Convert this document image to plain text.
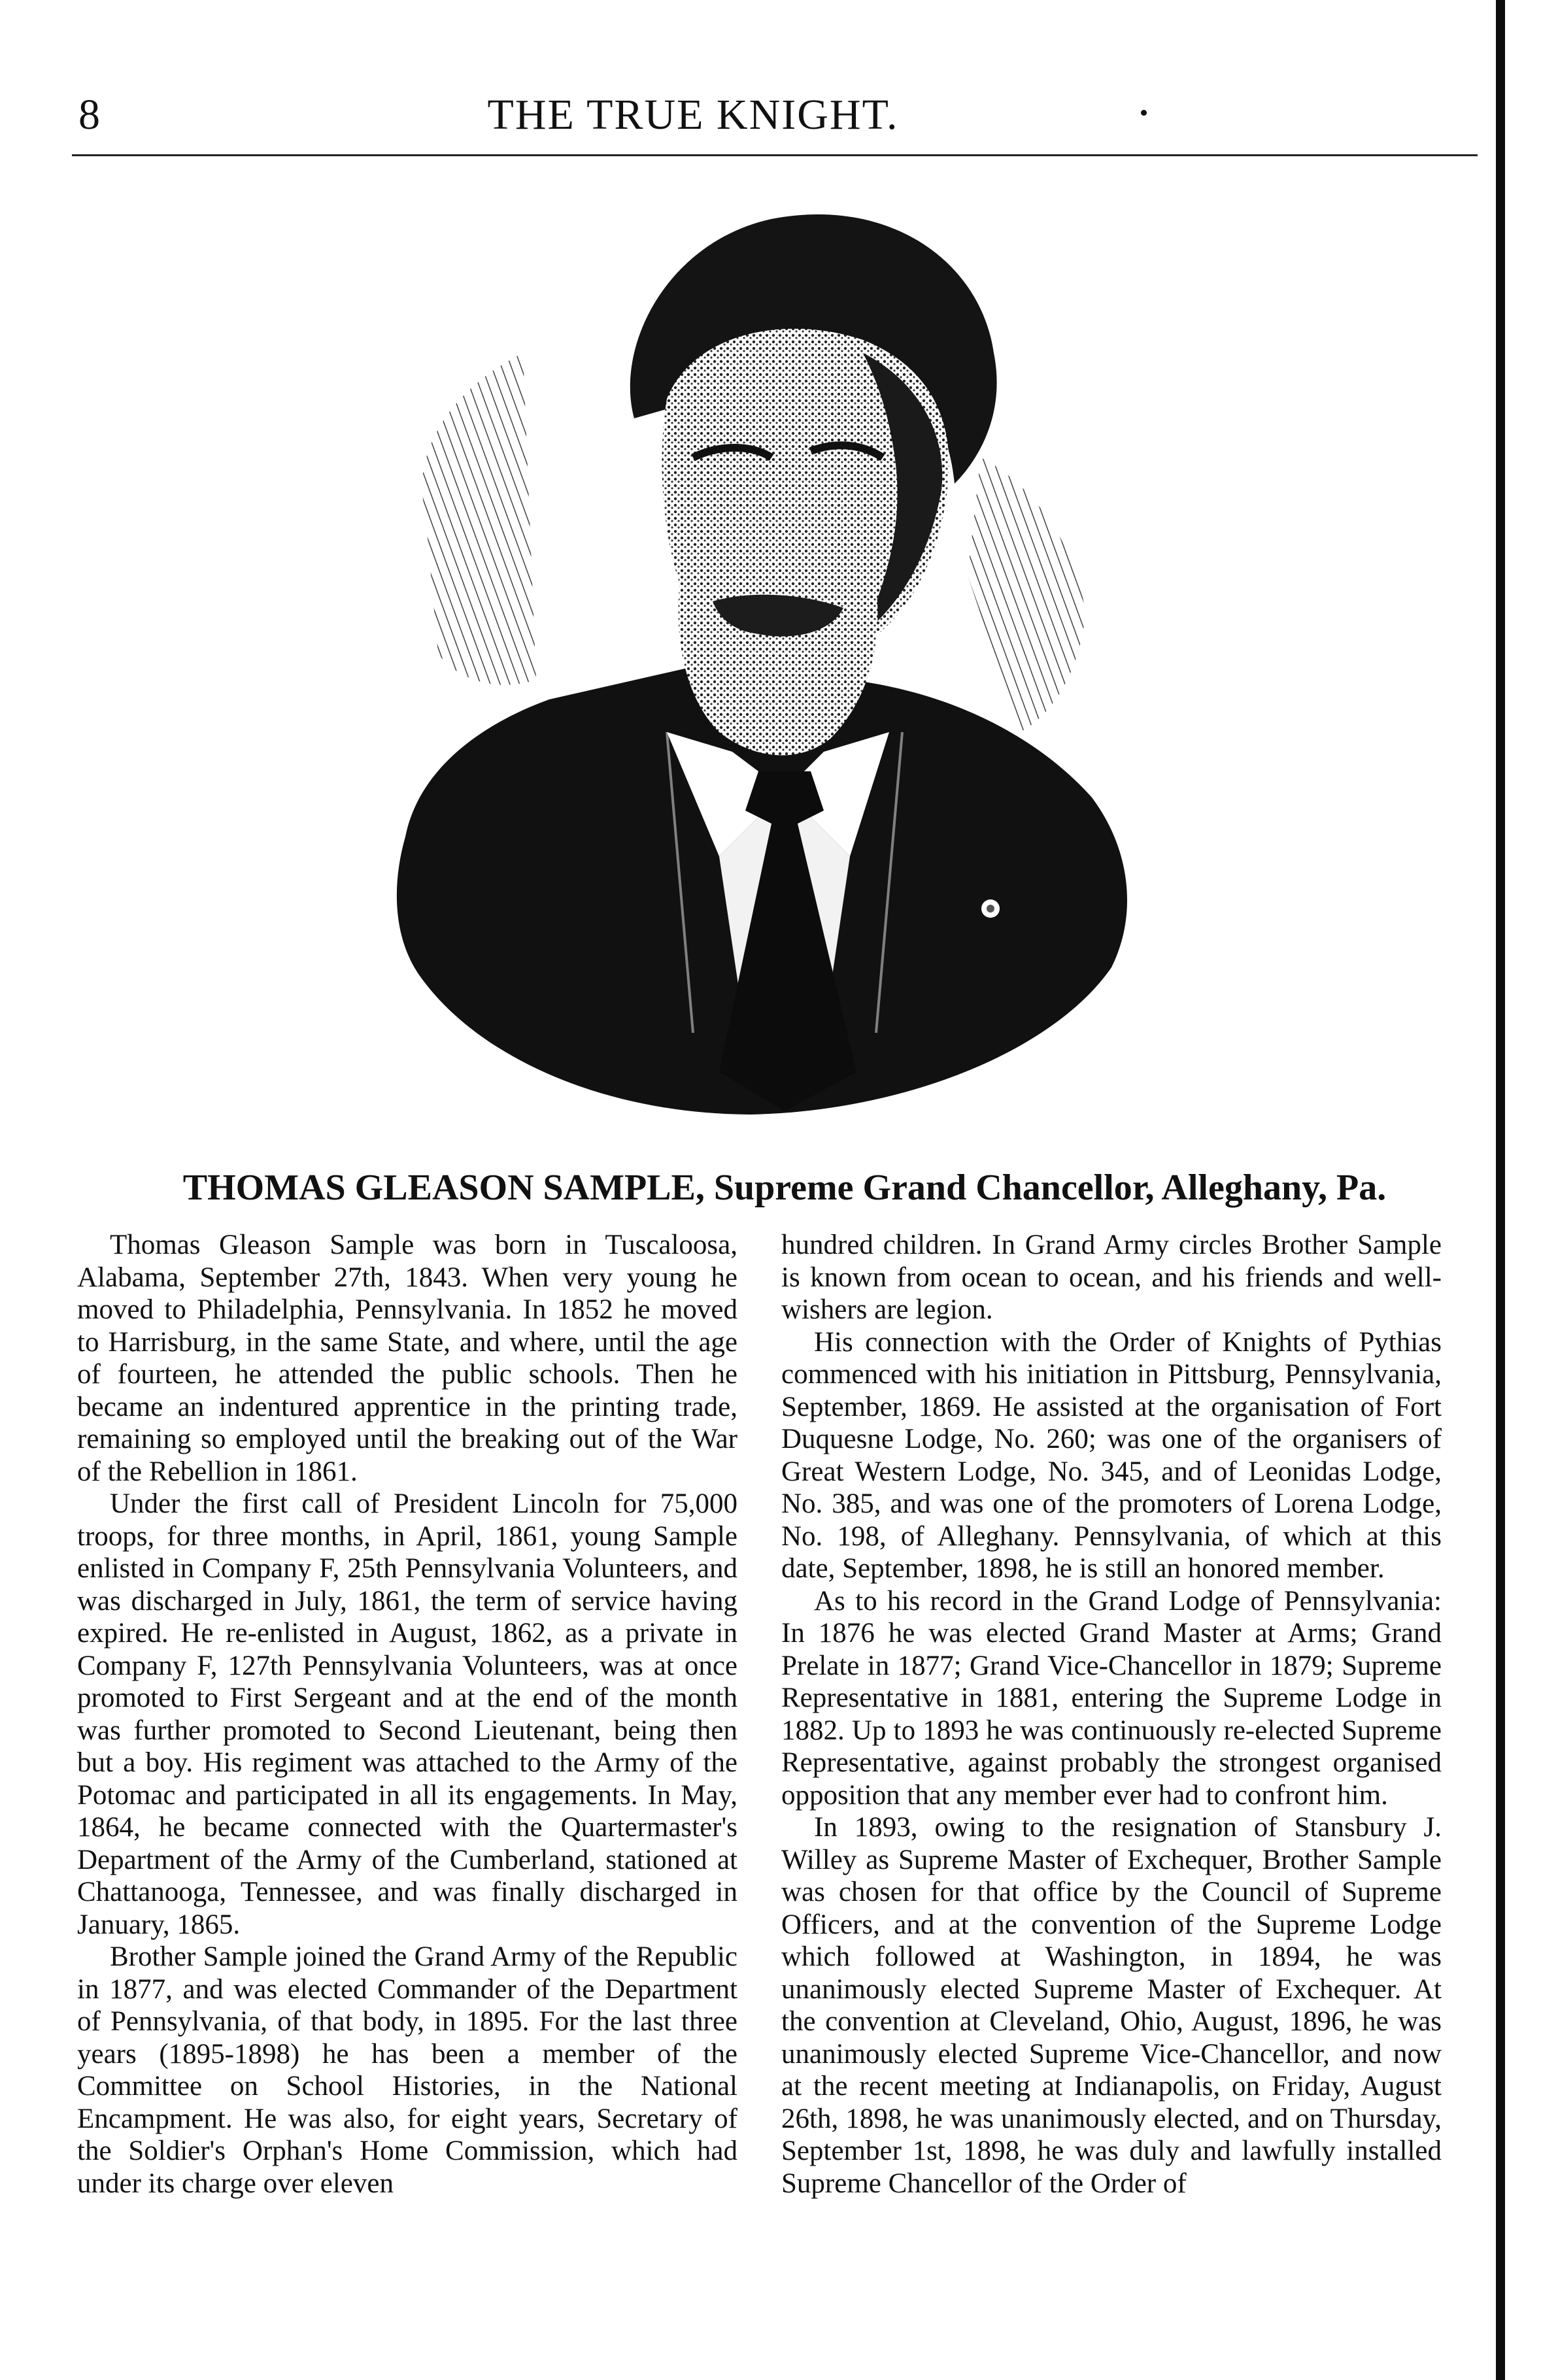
8	THE TRUE KNIGHT.
THOMAS GLEASON SAMPLE, Supreme Grand Chancellor, Alleghany, Pa.

Thomas Gleason Sample was born in Tuscaloosa, Alabama, September 27th, 1843. When very young he moved to Philadelphia, Pennsylvania. In 1852 he moved to Harrisburg, in the same State, and where, until the age of fourteen, he attended the public schools. Then he became an indentured apprentice in the printing trade, remaining so employed until the breaking out of the War of the Rebellion in 1861.

Under the first call of President Lincoln for 75,000 troops, for three months, in April, 1861, young Sample enlisted in Company F, 25th Pennsylvania Volunteers, and was discharged in July, 1861, the term of service having expired. He re-enlisted in August, 1862, as a private in Company F, 127th Pennsylvania Volunteers, was at once promoted to First Sergeant and at the end of the month was further promoted to Second Lieutenant, being then but a boy. His regiment was attached to the Army of the Potomac and participated in all its engagements. In May, 1864, he became connected with the Quartermaster's Department of the Army of the Cumberland, stationed at Chattanooga, Tennessee, and was finally discharged in January, 1865.

Brother Sample joined the Grand Army of the Republic in 1877, and was elected Commander of the Department of Pennsylvania, of that body, in 1895. For the last three years (1895-1898) he has been a member of the Committee on School Histories, in the National Encampment. He was also, for eight years, Secretary of the Soldier's Orphan's Home Commission, which had under its charge over eleven

hundred children. In Grand Army circles Brother Sample is known from ocean to ocean, and his friends and well-wishers are legion.

His connection with the Order of Knights of Pythias commenced with his initiation in Pittsburg, Pennsylvania, September, 1869. He assisted at the organisation of Fort Duquesne Lodge, No. 260; was one of the organisers of Great Western Lodge, No. 345, and of Leonidas Lodge, No. 385, and was one of the promoters of Lorena Lodge, No. 198, of Alleghany. Pennsylvania, of which at this date, September, 1898, he is still an honored member.

As to his record in the Grand Lodge of Pennsylvania: In 1876 he was elected Grand Master at Arms; Grand Prelate in 1877; Grand Vice-Chancellor in 1879; Supreme Representative in 1881, entering the Supreme Lodge in 1882. Up to 1893 he was continuously re-elected Supreme Representative, against probably the strongest organised opposition that any member ever had to confront him.

In 1893, owing to the resignation of Stansbury J. Willey as Supreme Master of Exchequer, Brother Sample was chosen for that office by the Council of Supreme Officers, and at the convention of the Supreme Lodge which followed at Washington, in 1894, he was unanimously elected Supreme Master of Exchequer. At the convention at Cleveland, Ohio, August, 1896, he was unanimously elected Supreme Vice-Chancellor, and now at the recent meeting at Indianapolis, on Friday, August 26th, 1898, he was unanimously elected, and on Thursday, September 1st, 1898, he was duly and lawfully installed Supreme Chancellor of the Order of
